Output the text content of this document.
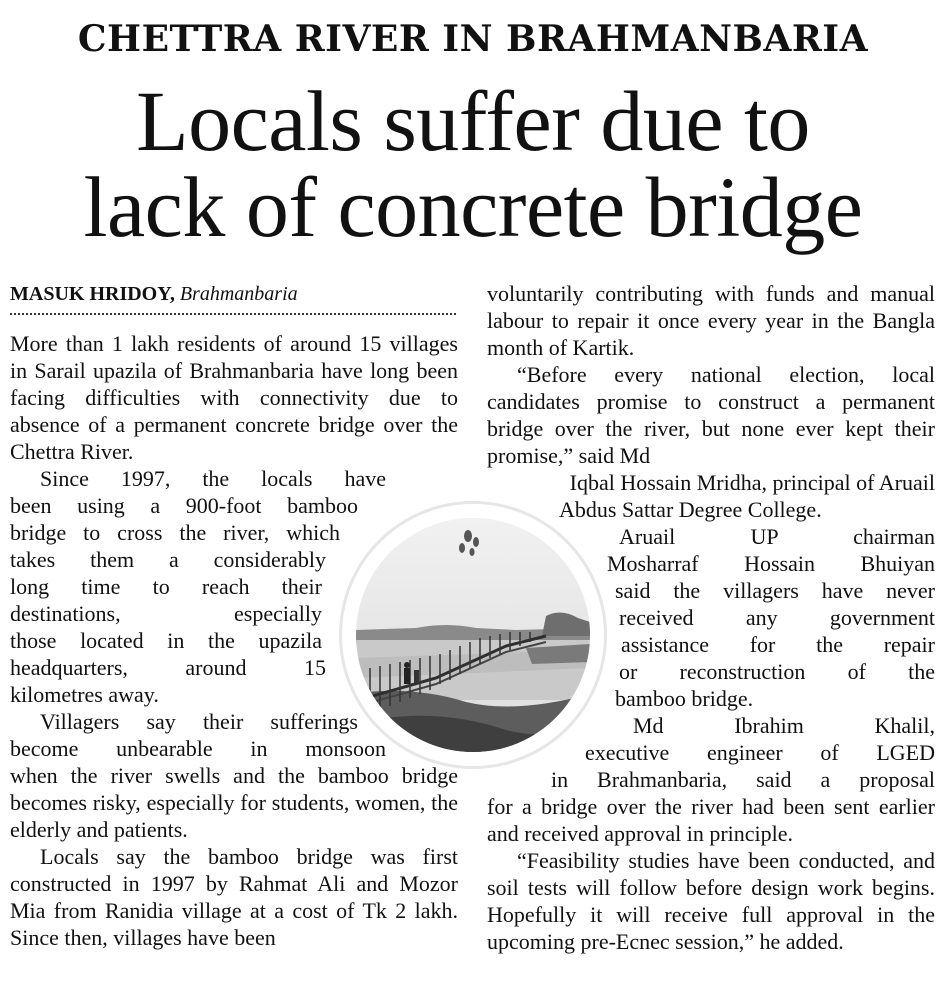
CHETTRA RIVER IN BRAHMANBARIA
Locals suffer due to
lack of concrete bridge
MASUK HRIDOY, Brahmanbaria

More than 1 lakh residents of around 15 villages in Sarail upazila of Brahmanbaria have long been facing difficulties with connectivity due to absence of a permanent concrete bridge over the Chettra River.

Since 1997, the locals have
been using a 900-foot bamboo
bridge to cross the river, which
takes them a considerably
long time to reach their
destinations, especially
those located in the upazila
headquarters, around 15
kilometres away.
Villagers say their sufferings
become unbearable in monsoon

when the river swells and the bamboo bridge becomes risky, especially for students, women, the elderly and patients.

Locals say the bamboo bridge was first constructed in 1997 by Rahmat Ali and Mozor Mia from Ranidia village at a cost of Tk 2 lakh. Since then, villages have been

voluntarily contributing with funds and manual labour to repair it once every year in the Bangla month of Kartik.

“Before every national election, local candidates promise to construct a permanent bridge over the river, but none ever kept their promise,” said Md

Iqbal Hossain Mridha, principal of Aruail
Abdus Sattar Degree College.
Aruail UP chairman
Mosharraf Hossain Bhuiyan
said the villagers have never
received any government
assistance for the repair
or reconstruction of the
bamboo bridge.
Md Ibrahim Khalil,
executive engineer of LGED
in Brahmanbaria, said a proposal

for a bridge over the river had been sent earlier and received approval in principle.

“Feasibility studies have been conducted, and soil tests will follow before design work begins. Hopefully it will receive full approval in the upcoming pre-Ecnec session,” he added.
